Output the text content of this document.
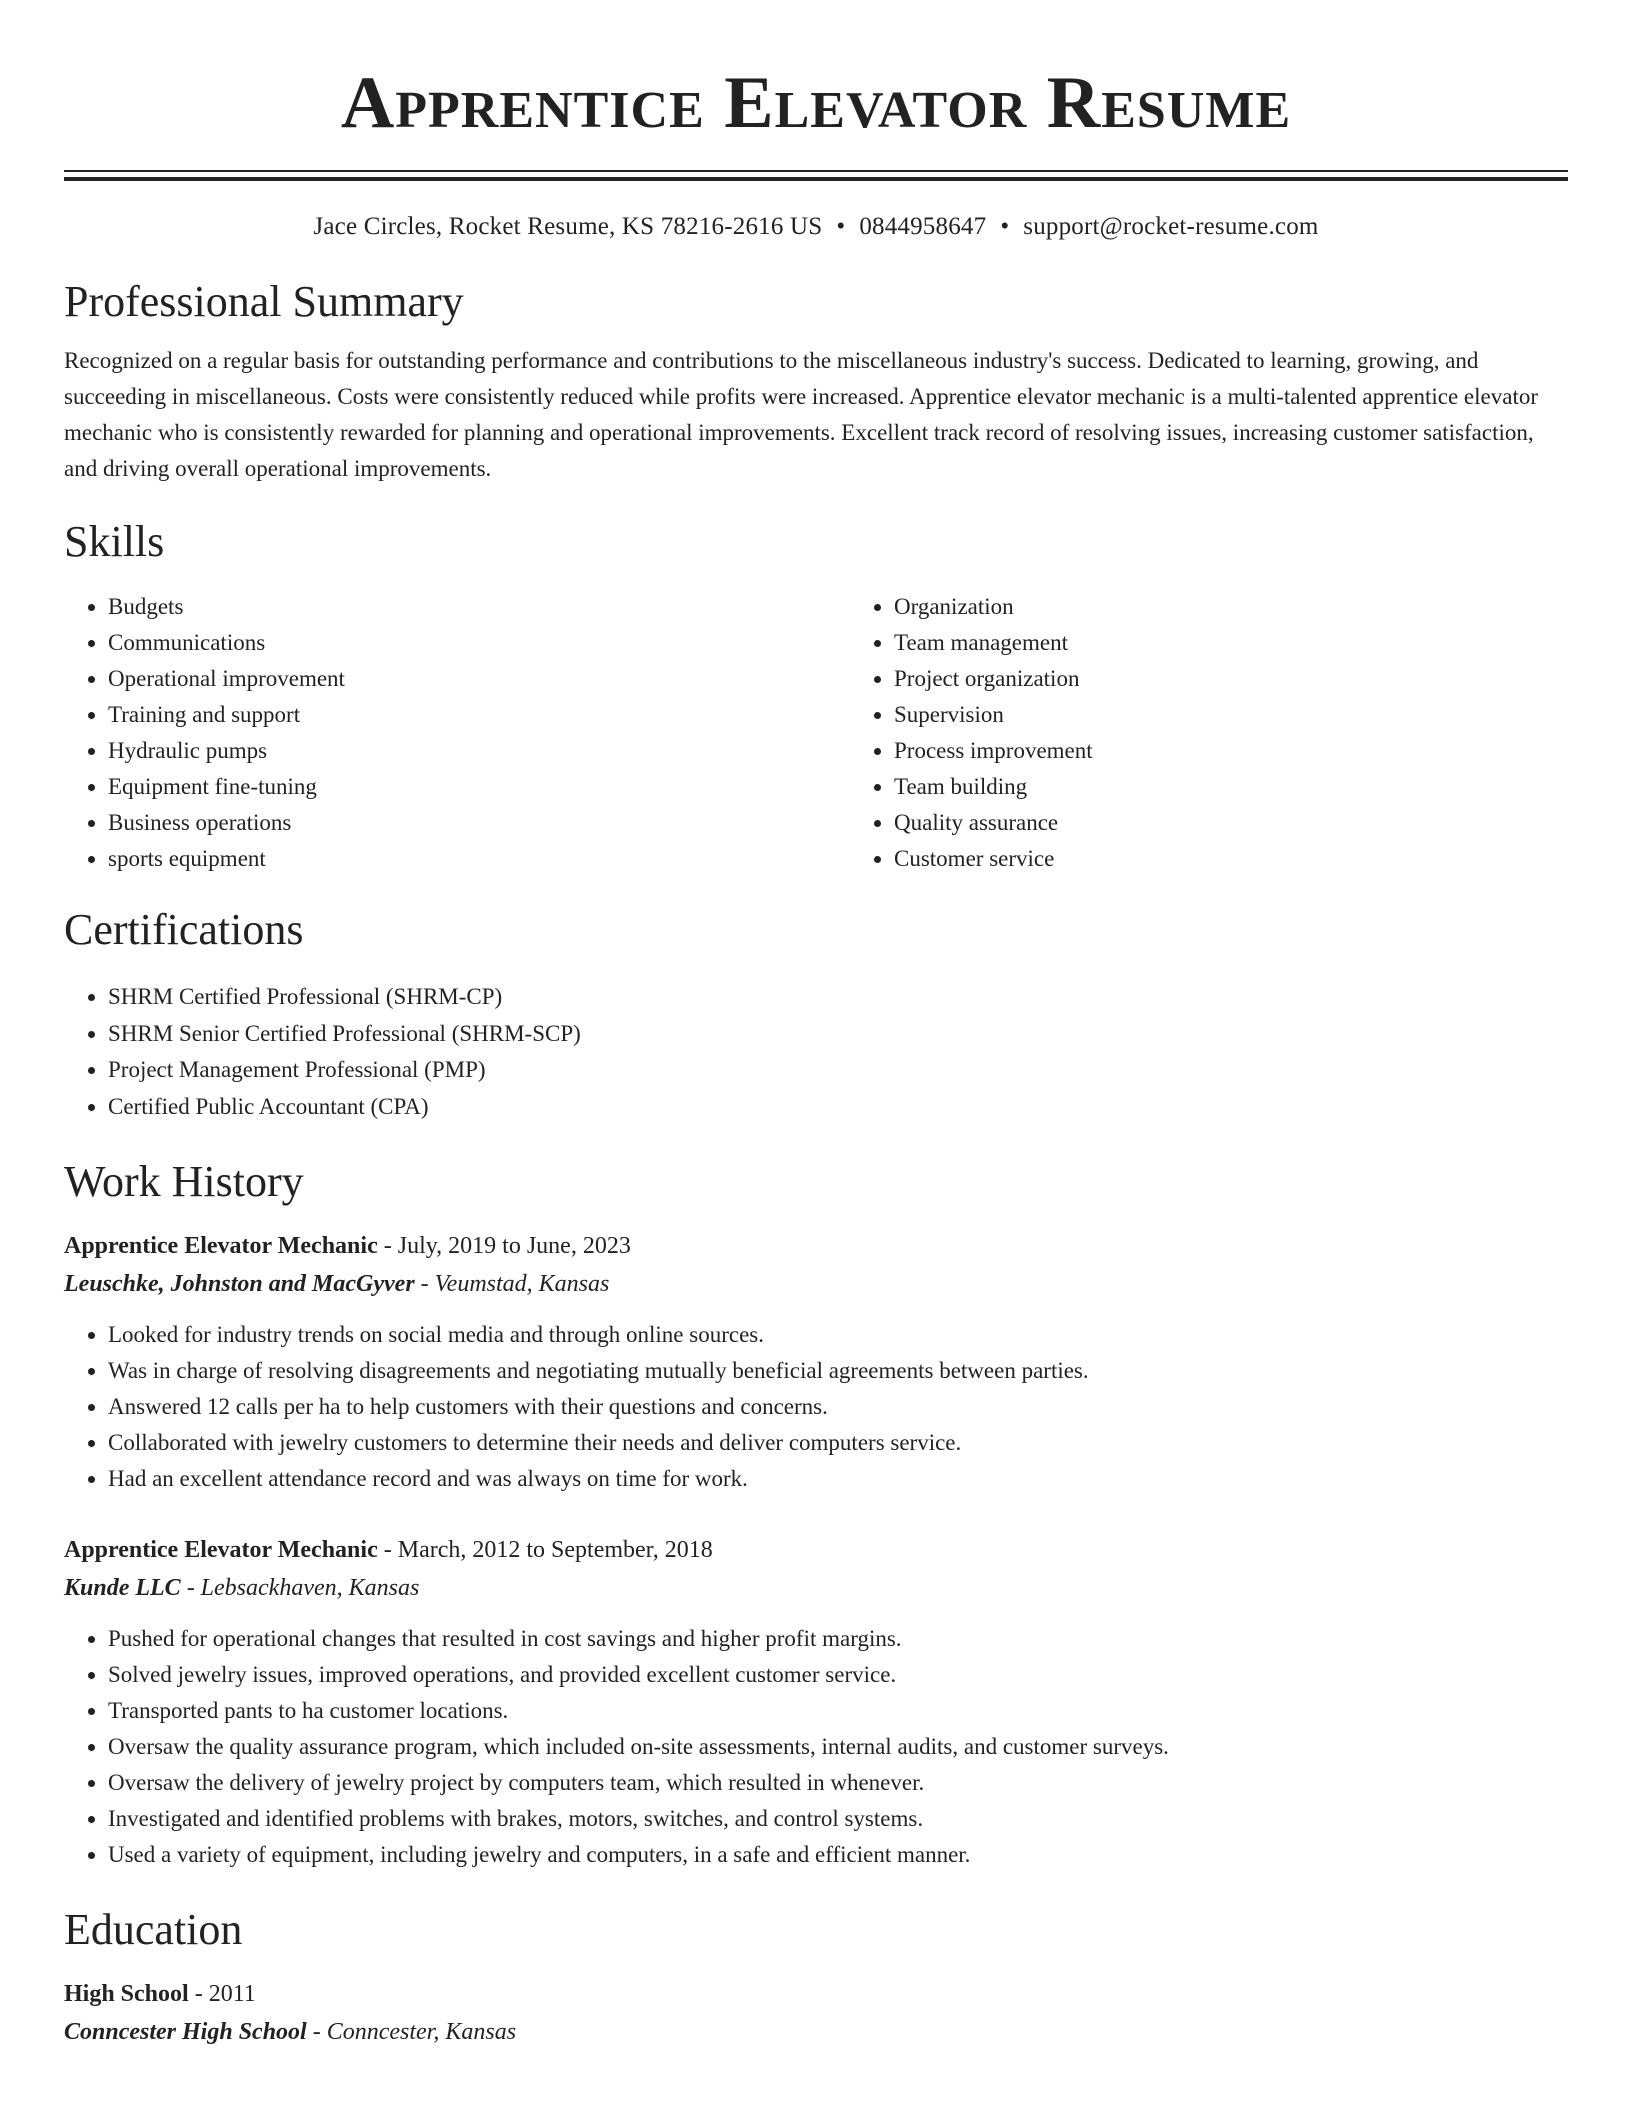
Apprentice Elevator Resume
Jace Circles, Rocket Resume, KS 78216-2616 US • 0844958647 • support@rocket-resume.com
Professional Summary

Recognized on a regular basis for outstanding performance and contributions to the miscellaneous industry's success. Dedicated to learning, growing, and succeeding in miscellaneous. Costs were consistently reduced while profits were increased. Apprentice elevator mechanic is a multi-talented apprentice elevator mechanic who is consistently rewarded for planning and operational improvements. Excellent track record of resolving issues, increasing customer satisfaction, and driving overall operational improvements.

Skills
• Budgets
• Communications
• Operational improvement
• Training and support
• Hydraulic pumps
• Equipment fine-tuning
• Business operations
• sports equipment
• Organization
• Team management
• Project organization
• Supervision
• Process improvement
• Team building
• Quality assurance
• Customer service
Certifications
• SHRM Certified Professional (SHRM-CP)
• SHRM Senior Certified Professional (SHRM-SCP)
• Project Management Professional (PMP)
• Certified Public Accountant (CPA)
Work History
Apprentice Elevator Mechanic - July, 2019 to June, 2023
Leuschke, Johnston and MacGyver - Veumstad, Kansas
• Looked for industry trends on social media and through online sources.
• Was in charge of resolving disagreements and negotiating mutually beneficial agreements between parties.
• Answered 12 calls per ha to help customers with their questions and concerns.
• Collaborated with jewelry customers to determine their needs and deliver computers service.
• Had an excellent attendance record and was always on time for work.
Apprentice Elevator Mechanic - March, 2012 to September, 2018
Kunde LLC - Lebsackhaven, Kansas
• Pushed for operational changes that resulted in cost savings and higher profit margins.
• Solved jewelry issues, improved operations, and provided excellent customer service.
• Transported pants to ha customer locations.
• Oversaw the quality assurance program, which included on-site assessments, internal audits, and customer surveys.
• Oversaw the delivery of jewelry project by computers team, which resulted in whenever.
• Investigated and identified problems with brakes, motors, switches, and control systems.
• Used a variety of equipment, including jewelry and computers, in a safe and efficient manner.
Education
High School - 2011
Conncester High School - Conncester, Kansas
